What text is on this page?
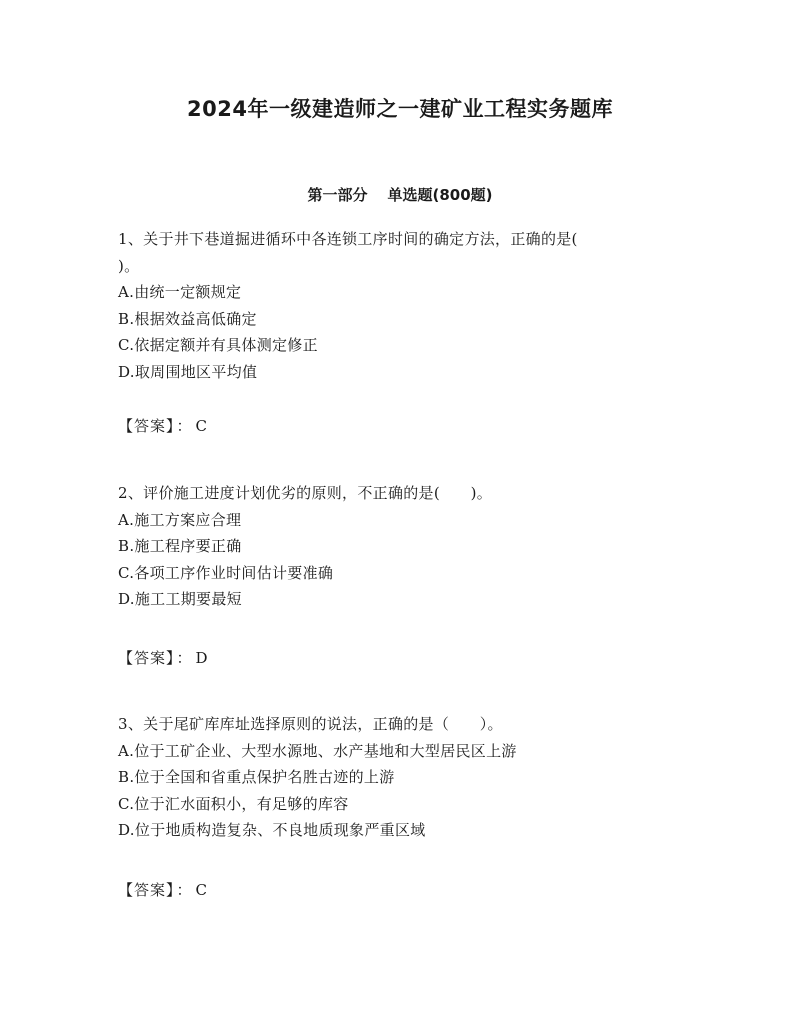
2024年一级建造师之一建矿业工程实务题库
第一部分 单选题(800题)
1、关于井下巷道掘进循环中各连锁工序时间的确定方法，正确的是(
)。
A.由统一定额规定
B.根据效益高低确定
C.依据定额并有具体测定修正
D.取周围地区平均值
【答案】 ： C
2、评价施工进度计划优劣的原则，不正确的是(　　)。
A.施工方案应合理
B.施工程序要正确
C.各项工序作业时间估计要准确
D.施工工期要最短
【答案】 ： D
3、关于尾矿库库址选择原则的说法，正确的是（　　）。
A.位于工矿企业、大型水源地、水产基地和大型居民区上游
B.位于全国和省重点保护名胜古迹的上游
C.位于汇水面积小，有足够的库容
D.位于地质构造复杂、不良地质现象严重区域
【答案】 ： C
